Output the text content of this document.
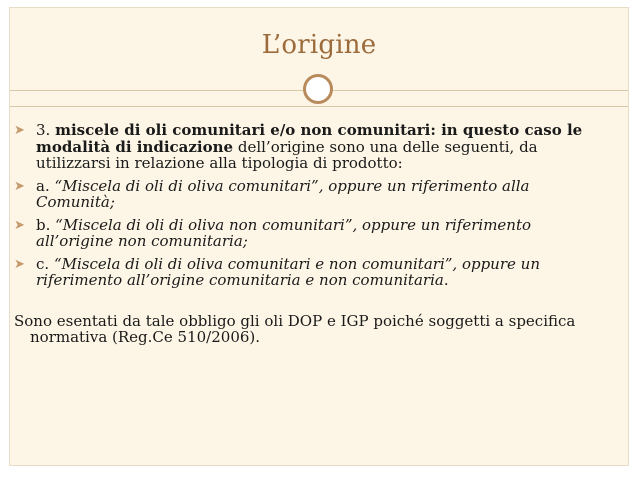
L’origine
➤ 3. miscele di oli comunitari e/o non comunitari: in questo caso le modalità di indicazione dell’origine sono una delle seguenti, da utilizzarsi in relazione alla tipologia di prodotto:
➤ a. “Miscela di oli di oliva comunitari”, oppure un riferimento alla Comunità;
➤ b. “Miscela di oli di oliva non comunitari”, oppure un riferimento all’origine non comunitaria;
➤ c. “Miscela di oli di oliva comunitari e non comunitari”, oppure un riferimento all’origine comunitaria e non comunitaria.
Sono esentati da tale obbligo gli oli DOP e IGP poiché soggetti a specifica normativa (Reg.Ce 510/2006).
